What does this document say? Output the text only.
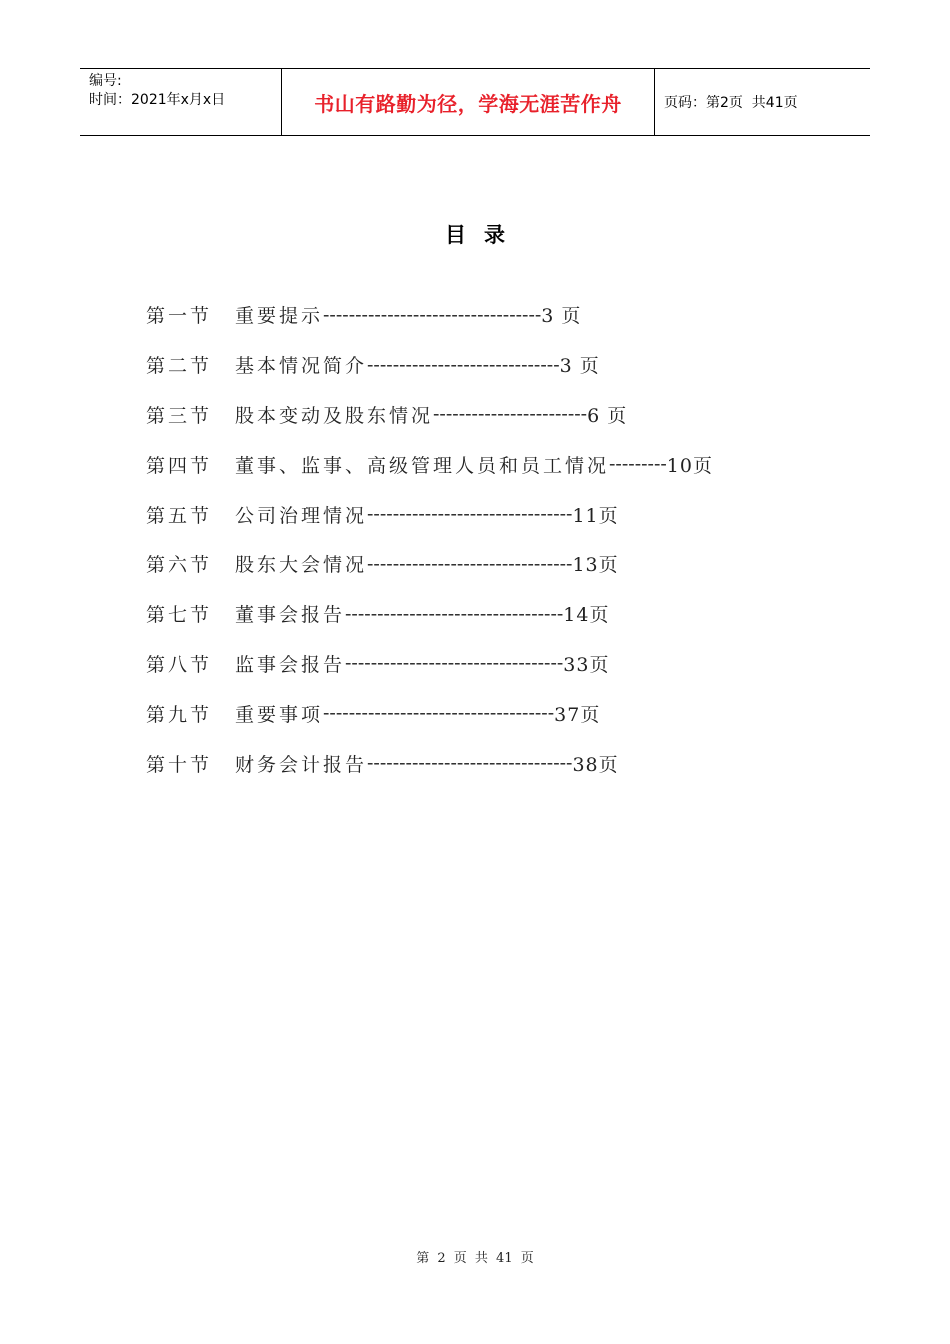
编号:
时间：2021年x月x日	书山有路勤为径，学海无涯苦作舟	页码：第2页  共41页
目录
第一节	重要提示 ---------------------------------- 3 页
第二节	基本情况简介 ------------------------------ 3 页
第三节	股本变动及股东情况 ------------------------ 6 页
第四节	董事、监事、高级管理人员和员工情况 --------- 10页
第五节	公司治理情况 -------------------------------- 11页
第六节	股东大会情况 -------------------------------- 13页
第七节	董事会报告 ---------------------------------- 14页
第八节	监事会报告 ---------------------------------- 33页
第九节	重要事项 ------------------------------------ 37页
第十节	财务会计报告 -------------------------------- 38页
第 2 页 共 41 页
